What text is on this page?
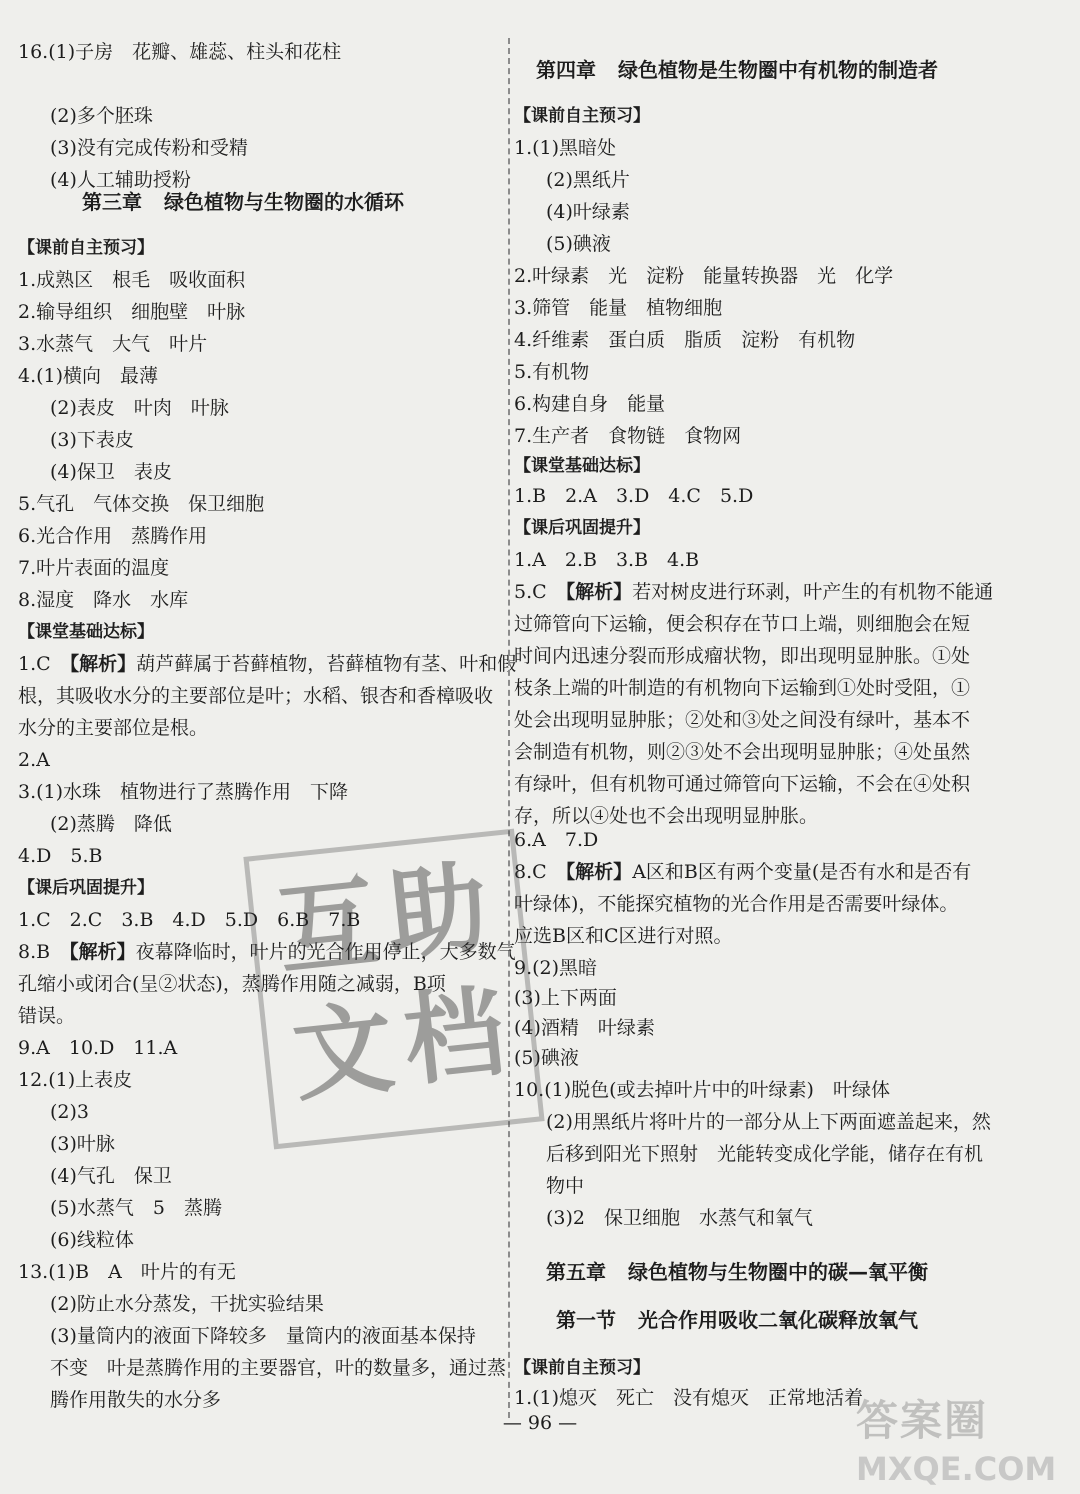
16.(1)子房　花瓣、雄蕊、柱头和花柱
(2)多个胚珠
(3)没有完成传粉和受精
(4)人工辅助授粉
第三章 绿色植物与生物圈的水循环
【课前自主预习】
1.成熟区　根毛　吸收面积
2.输导组织　细胞壁　叶脉
3.水蒸气　大气　叶片
4.(1)横向　最薄
(2)表皮　叶肉　叶脉
(3)下表皮
(4)保卫　表皮
5.气孔　气体交换　保卫细胞
6.光合作用　蒸腾作用
7.叶片表面的温度
8.湿度　降水　水库
【课堂基础达标】
1.C　【解析】葫芦藓属于苔藓植物，苔藓植物有茎、叶和假
根，其吸收水分的主要部位是叶；水稻、银杏和香樟吸收
水分的主要部位是根。
2.A
3.(1)水珠　植物进行了蒸腾作用　下降
(2)蒸腾　降低
4.D　5.B
【课后巩固提升】
1.C　2.C　3.B　4.D　5.D　6.B　7.B
8.B　【解析】夜幕降临时，叶片的光合作用停止，大多数气
孔缩小或闭合(呈②状态)，蒸腾作用随之减弱，B项
错误。
9.A　10.D　11.A
12.(1)上表皮
(2)3
(3)叶脉
(4)气孔　保卫
(5)水蒸气　5　蒸腾
(6)线粒体
13.(1)B　A　叶片的有无
(2)防止水分蒸发，干扰实验结果
(3)量筒内的液面下降较多　量筒内的液面基本保持
不变　叶是蒸腾作用的主要器官，叶的数量多，通过蒸
腾作用散失的水分多
第四章 绿色植物是生物圈中有机物的制造者
【课前自主预习】
1.(1)黑暗处
(2)黑纸片
(4)叶绿素
(5)碘液
2.叶绿素　光　淀粉　能量转换器　光　化学
3.筛管　能量　植物细胞
4.纤维素　蛋白质　脂质　淀粉　有机物
5.有机物
6.构建自身　能量
7.生产者　食物链　食物网
【课堂基础达标】
1.B　2.A　3.D　4.C　5.D
【课后巩固提升】
1.A　2.B　3.B　4.B
5.C　【解析】若对树皮进行环剥，叶产生的有机物不能通
过筛管向下运输，便会积存在节口上端，则细胞会在短
时间内迅速分裂而形成瘤状物，即出现明显肿胀。①处
枝条上端的叶制造的有机物向下运输到①处时受阻，①
处会出现明显肿胀；②处和③处之间没有绿叶，基本不
会制造有机物，则②③处不会出现明显肿胀；④处虽然
有绿叶，但有机物可通过筛管向下运输，不会在④处积
存，所以④处也不会出现明显肿胀。
6.A　7.D
8.C　【解析】A区和B区有两个变量(是否有水和是否有
叶绿体)，不能探究植物的光合作用是否需要叶绿体。
应选B区和C区进行对照。
9.(2)黑暗
(3)上下两面
(4)酒精　叶绿素
(5)碘液
10.(1)脱色(或去掉叶片中的叶绿素)　叶绿体
(2)用黑纸片将叶片的一部分从上下两面遮盖起来，然
后移到阳光下照射　光能转变成化学能，储存在有机
物中
(3)2　保卫细胞　水蒸气和氧气
第五章 绿色植物与生物圈中的碳—氧平衡
第一节 光合作用吸收二氧化碳释放氧气
【课前自主预习】
1.(1)熄灭　死亡　没有熄灭　正常地活着
— 96 —
互
助
文 档
答案圈
MXQE.COM
